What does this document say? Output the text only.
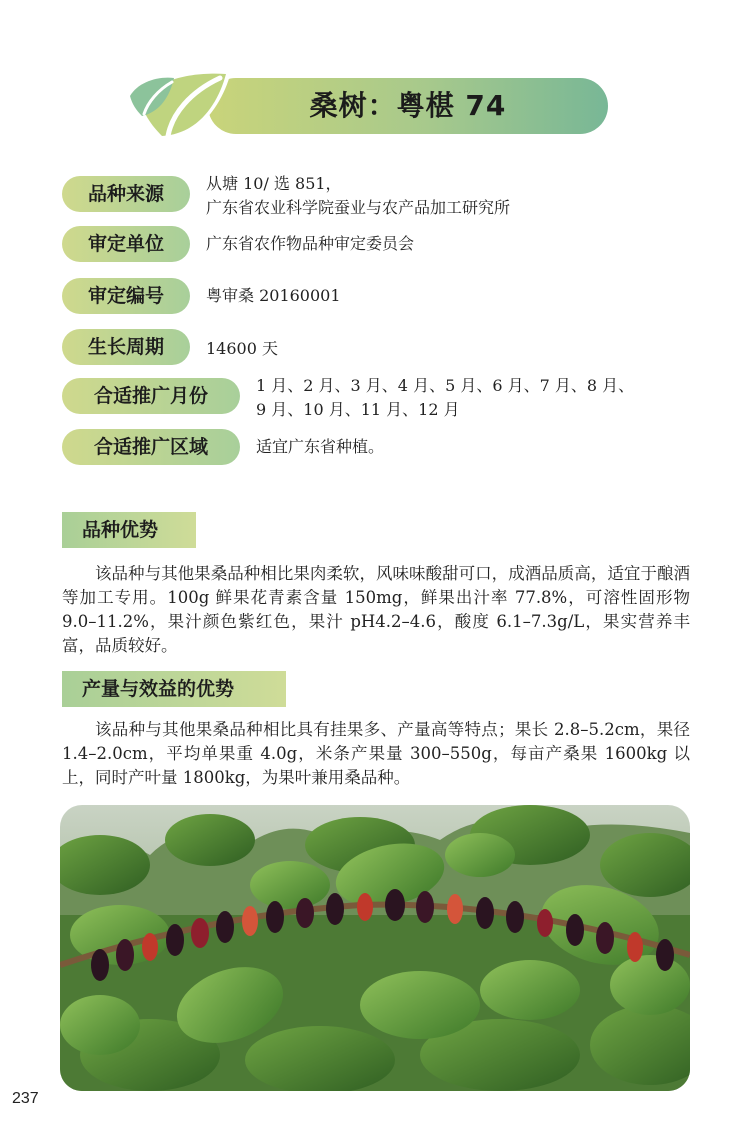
桑树：粤椹 74
品种来源	从塘 10/ 选 851，
广东省农业科学院蚕业与农产品加工研究所
审定单位	广东省农作物品种审定委员会
审定编号	粤审桑 20160001
生长周期	14600 天
合适推广月份	1 月、2 月、3 月、4 月、5 月、6 月、7 月、8 月、
9 月、10 月、11 月、12 月
合适推广区域	适宜广东省种植。
品种优势
该品种与其他果桑品种相比果肉柔软，风味味酸甜可口，成酒品质高，适宜于酿酒等加工专用。100g 鲜果花青素含量 150mg，鲜果出汁率 77.8%，可溶性固形物 9.0–11.2%，果汁颜色紫红色，果汁 pH4.2–4.6，酸度 6.1–7.3g/L，果实营养丰富，品质较好。
产量与效益的优势
该品种与其他果桑品种相比具有挂果多、产量高等特点；果长 2.8–5.2cm，果径 1.4–2.0cm，平均单果重 4.0g，米条产果量 300–550g，每亩产桑果 1600kg 以上，同时产叶量 1800kg，为果叶兼用桑品种。
237
